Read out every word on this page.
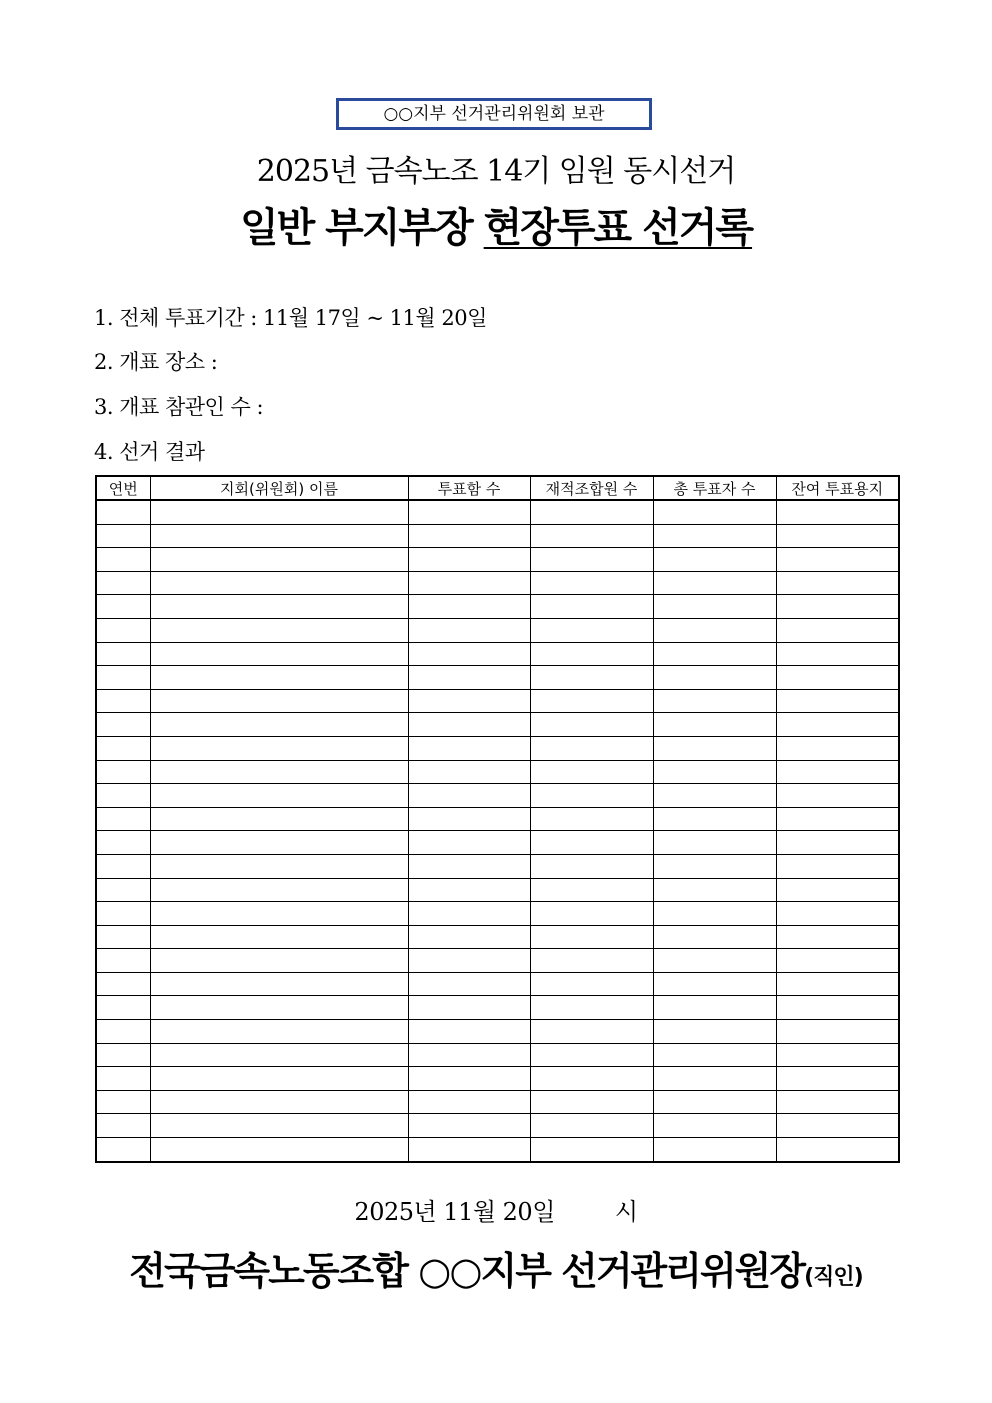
○○지부 선거관리위원회 보관
2025년 금속노조 14기 임원 동시선거
일반 부지부장 현장투표 선거록
1. 전체 투표기간 : 11월 17일 ~ 11월 20일
2. 개표 장소 :
3. 개표 참관인 수 :
4. 선거 결과
연번	지회(위원회) 이름	투표함 수	재적조합원 수	총 투표자 수	잔여 투표용지

2025년 11월 20일	시
전국금속노동조합 ○○지부 선거관리위원장(직인)
